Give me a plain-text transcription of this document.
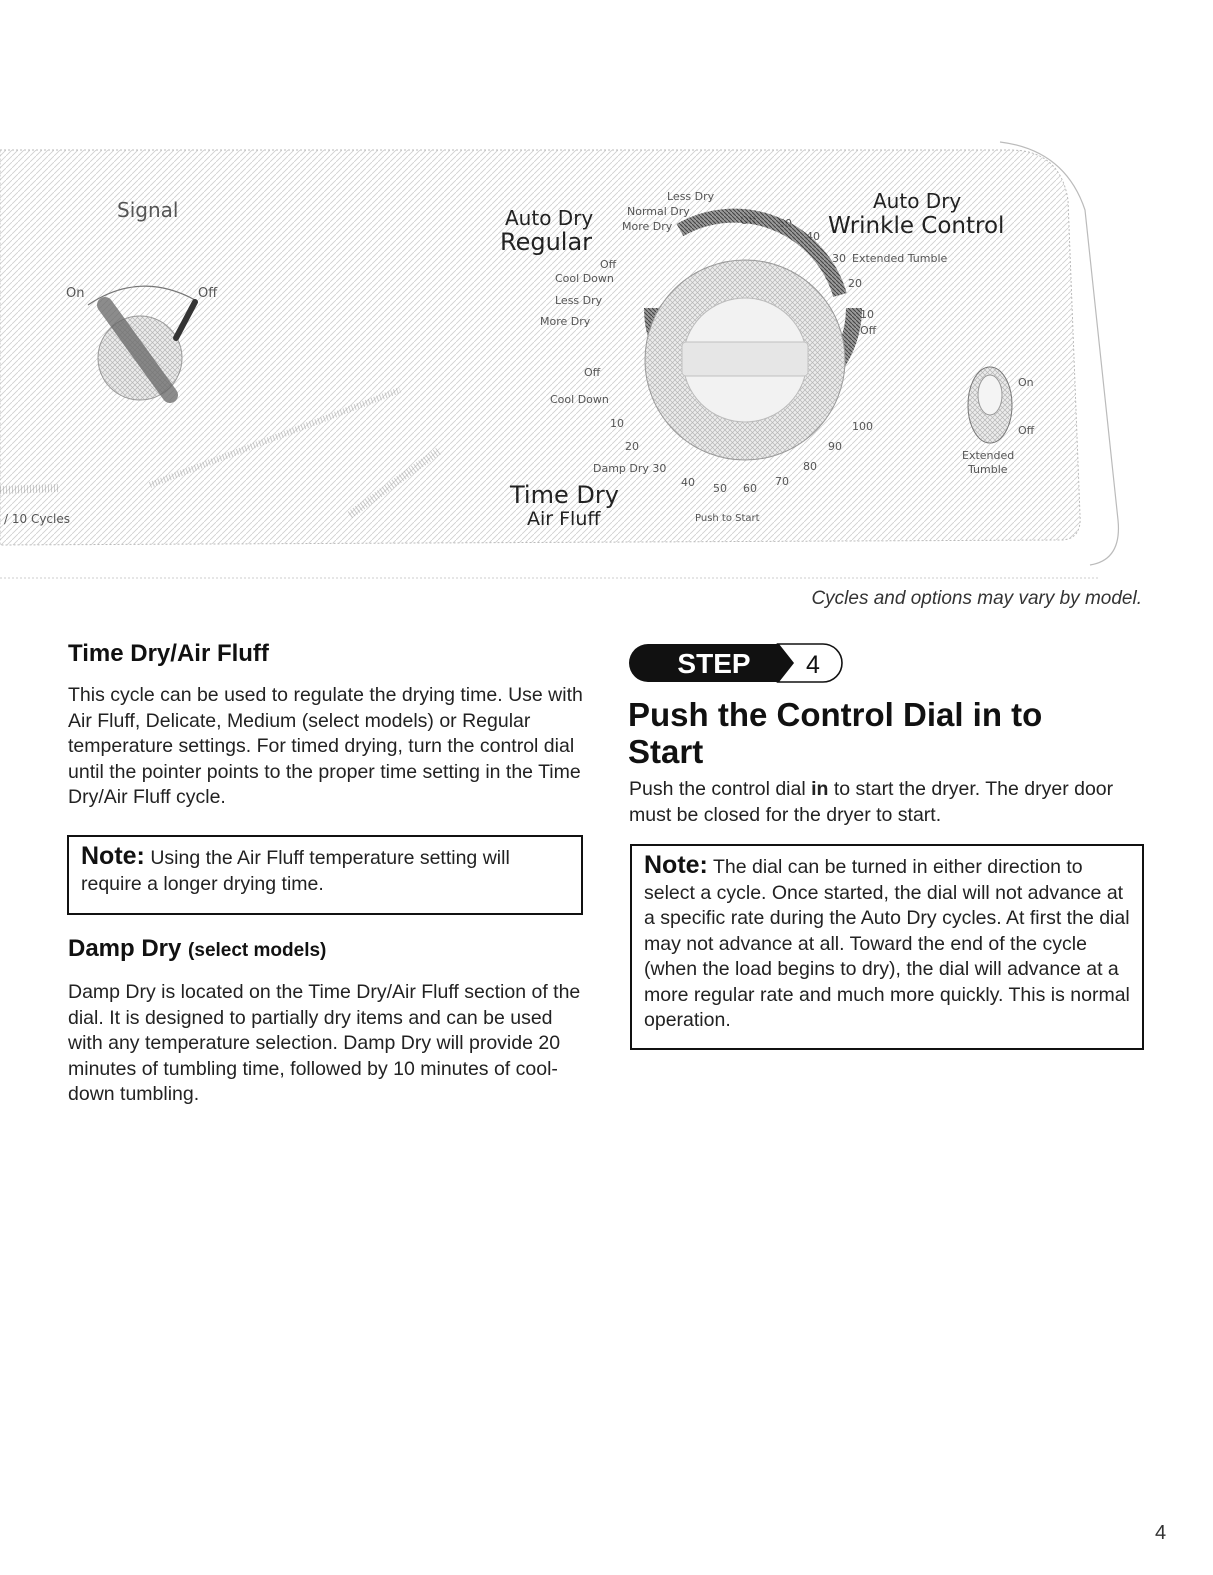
Signal
On	Off
/ 10 Cycles
Auto Dry
Regular
Less Dry
Normal Dry
More Dry
Off
Cool Down
Less Dry
More Dry
Auto Dry
Wrinkle Control
Off 50
40
30 Extended Tumble
20
10
Off
Off
Cool Down
10
20
Damp Dry 30
40 50 60
70
80
90
100
Time Dry
Air Fluff	Push to Start
On
Off
Extended
Tumble
Cycles and options may vary by model.
Time Dry/Air Fluff

This cycle can be used to regulate the drying time. Use with Air Fluff, Delicate, Medium (select models) or Regular temperature settings. For timed drying, turn the control dial until the pointer points to the proper time setting in the Time Dry/Air Fluff cycle.

Note: Using the Air Fluff temperature setting will require a longer drying time.
Damp Dry (select models)

Damp Dry is located on the Time Dry/Air Fluff section of the dial. It is designed to partially dry items and can be used with any temperature selection. Damp Dry will provide 20 minutes of tumbling time, followed by 10 minutes of cool-down tumbling.

STEP 4
Push the Control Dial in to Start

Push the control dial in to start the dryer. The dryer door must be closed for the dryer to start.

Note: The dial can be turned in either direction to select a cycle. Once started, the dial will not advance at a specific rate during the Auto Dry cycles. At first the dial may not advance at all. Toward the end of the cycle (when the load begins to dry), the dial will advance at a more regular rate and much more quickly. This is normal operation.
4
